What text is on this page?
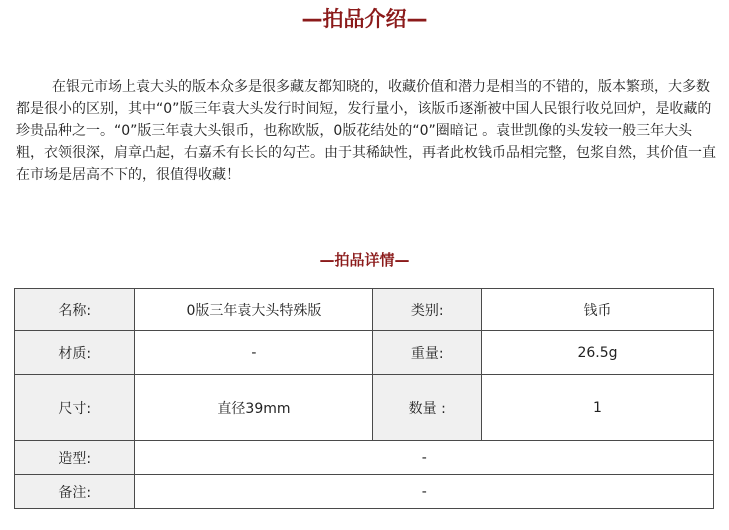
—拍品介绍—

在银元市场上袁大头的版本众多是很多藏友都知晓的，收藏价值和潜力是相当的不错的，版本繁琐，大多数都是很小的区别，其中“0”版三年袁大头发行时间短，发行量小，该版币逐渐被中国人民银行收兑回炉，是收藏的珍贵品种之一。“0”版三年袁大头银币，也称欧版，0版花结处的“0”圈暗记 。袁世凯像的头发较一般三年大头粗，衣领很深，肩章凸起，右嘉禾有长长的勾芒。由于其稀缺性，再者此枚钱币品相完整，包浆自然，其价值一直在市场是居高不下的，很值得收藏！

—拍品详情—
名称:	0版三年袁大头特殊版	类别:	钱币
材质:	-	重量:	26.5g
尺寸:	直径39mm	数量 :	1
造型:	-		
备注:	-		
